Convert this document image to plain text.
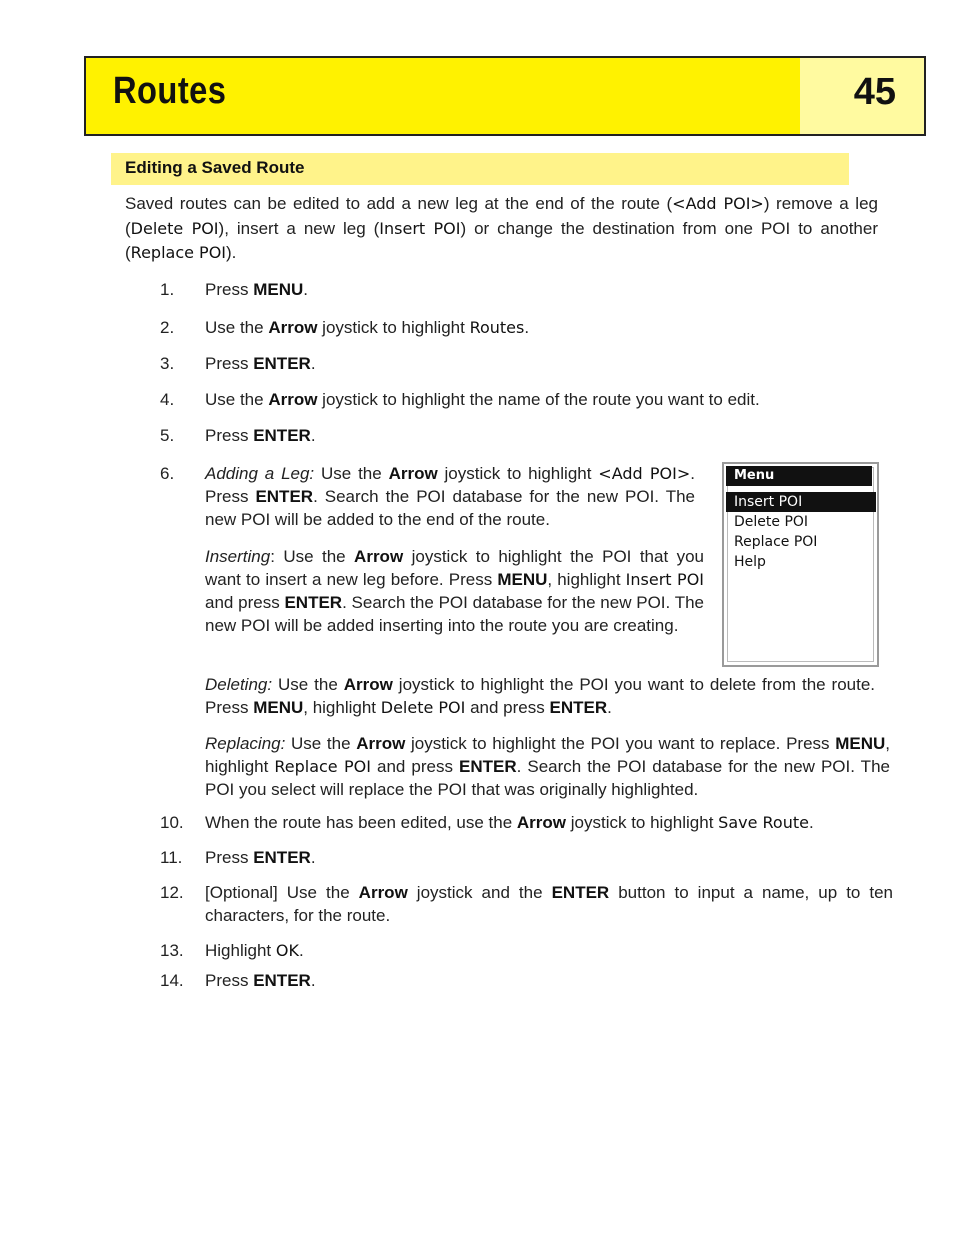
Routes	45
Editing a Saved Route
Saved routes can be edited to add a new leg at the end of the route (<Add POI>) remove a leg (Delete POI), insert a new leg (Insert POI) or change the destination from one POI to another (Replace POI).
1.	Press MENU.
2.	Use the Arrow joystick to highlight Routes.
3.	Press ENTER.
4.	Use the Arrow joystick to highlight the name of the route you want to edit.
5.	Press ENTER.
6.	Adding a Leg: Use the Arrow joystick to highlight <Add POI>. Press ENTER. Search the POI database for the new POI. The new POI will be added to the end of the route.
Inserting: Use the Arrow joystick to highlight the POI that you want to insert a new leg before. Press MENU, highlight Insert POI and press ENTER. Search the POI database for the new POI. The new POI will be added inserting into the route you are creating.
Menu
Insert POI
Delete POI
Replace POI
Help
Deleting: Use the Arrow joystick to highlight the POI you want to delete from the route. Press MENU, highlight Delete POI and press ENTER.
Replacing: Use the Arrow joystick to highlight the POI you want to replace. Press MENU, highlight Replace POI and press ENTER. Search the POI database for the new POI. The POI you select will replace the POI that was originally highlighted.
10.	When the route has been edited, use the Arrow joystick to highlight Save Route.
11.	Press ENTER.
12.	[Optional] Use the Arrow joystick and the ENTER button to input a name, up to ten characters, for the route.
13.	Highlight OK.
14.	Press ENTER.
